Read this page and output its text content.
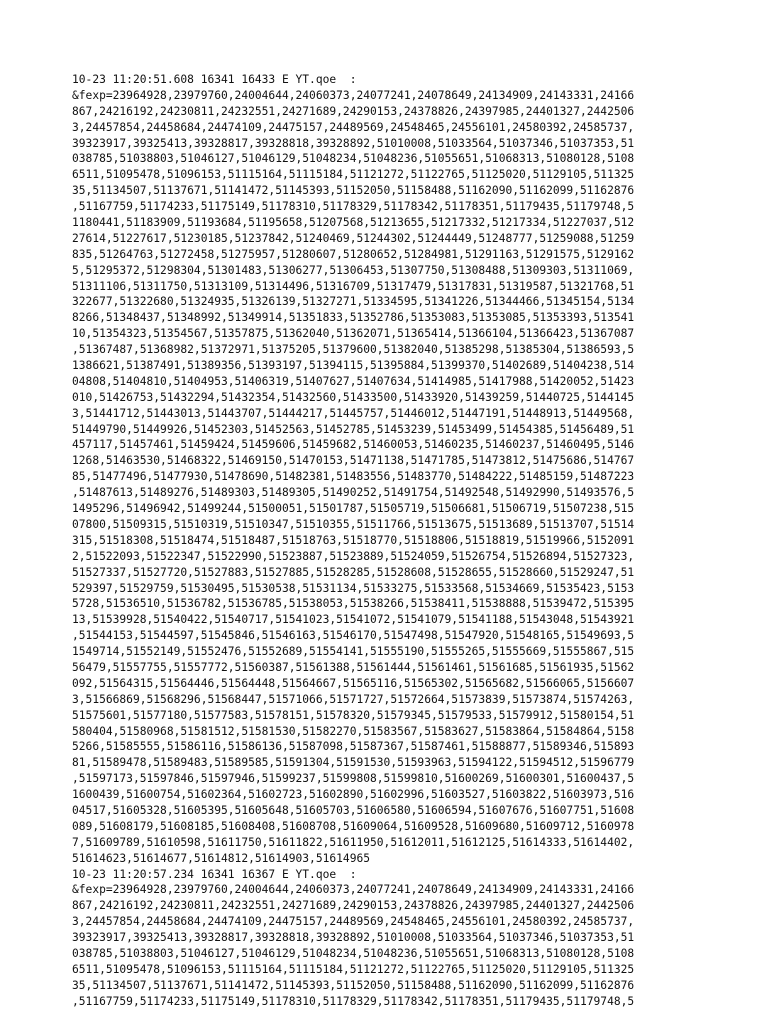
10-23 11:20:51.608 16341 16433 E YT.qoe  :
&fexp=23964928,23979760,24004644,24060373,24077241,24078649,24134909,24143331,24166
867,24216192,24230811,24232551,24271689,24290153,24378826,24397985,24401327,2442506
3,24457854,24458684,24474109,24475157,24489569,24548465,24556101,24580392,24585737,
39323917,39325413,39328817,39328818,39328892,51010008,51033564,51037346,51037353,51
038785,51038803,51046127,51046129,51048234,51048236,51055651,51068313,51080128,5108
6511,51095478,51096153,51115164,51115184,51121272,51122765,51125020,51129105,511325
35,51134507,51137671,51141472,51145393,51152050,51158488,51162090,51162099,51162876
,51167759,51174233,51175149,51178310,51178329,51178342,51178351,51179435,51179748,5
1180441,51183909,51193684,51195658,51207568,51213655,51217332,51217334,51227037,512
27614,51227617,51230185,51237842,51240469,51244302,51244449,51248777,51259088,51259
835,51264763,51272458,51275957,51280607,51280652,51284981,51291163,51291575,5129162
5,51295372,51298304,51301483,51306277,51306453,51307750,51308488,51309303,51311069,
51311106,51311750,51313109,51314496,51316709,51317479,51317831,51319587,51321768,51
322677,51322680,51324935,51326139,51327271,51334595,51341226,51344466,51345154,5134
8266,51348437,51348992,51349914,51351833,51352786,51353083,51353085,51353393,513541
10,51354323,51354567,51357875,51362040,51362071,51365414,51366104,51366423,51367087
,51367487,51368982,51372971,51375205,51379600,51382040,51385298,51385304,51386593,5
1386621,51387491,51389356,51393197,51394115,51395884,51399370,51402689,51404238,514
04808,51404810,51404953,51406319,51407627,51407634,51414985,51417988,51420052,51423
010,51426753,51432294,51432354,51432560,51433500,51433920,51439259,51440725,5144145
3,51441712,51443013,51443707,51444217,51445757,51446012,51447191,51448913,51449568,
51449790,51449926,51452303,51452563,51452785,51453239,51453499,51454385,51456489,51
457117,51457461,51459424,51459606,51459682,51460053,51460235,51460237,51460495,5146
1268,51463530,51468322,51469150,51470153,51471138,51471785,51473812,51475686,514767
85,51477496,51477930,51478690,51482381,51483556,51483770,51484222,51485159,51487223
,51487613,51489276,51489303,51489305,51490252,51491754,51492548,51492990,51493576,5
1495296,51496942,51499244,51500051,51501787,51505719,51506681,51506719,51507238,515
07800,51509315,51510319,51510347,51510355,51511766,51513675,51513689,51513707,51514
315,51518308,51518474,51518487,51518763,51518770,51518806,51518819,51519966,5152091
2,51522093,51522347,51522990,51523887,51523889,51524059,51526754,51526894,51527323,
51527337,51527720,51527883,51527885,51528285,51528608,51528655,51528660,51529247,51
529397,51529759,51530495,51530538,51531134,51533275,51533568,51534669,51535423,5153
5728,51536510,51536782,51536785,51538053,51538266,51538411,51538888,51539472,515395
13,51539928,51540422,51540717,51541023,51541072,51541079,51541188,51543048,51543921
,51544153,51544597,51545846,51546163,51546170,51547498,51547920,51548165,51549693,5
1549714,51552149,51552476,51552689,51554141,51555190,51555265,51555669,51555867,515
56479,51557755,51557772,51560387,51561388,51561444,51561461,51561685,51561935,51562
092,51564315,51564446,51564448,51564667,51565116,51565302,51565682,51566065,5156607
3,51566869,51568296,51568447,51571066,51571727,51572664,51573839,51573874,51574263,
51575601,51577180,51577583,51578151,51578320,51579345,51579533,51579912,51580154,51
580404,51580968,51581512,51581530,51582270,51583567,51583627,51583864,51584864,5158
5266,51585555,51586116,51586136,51587098,51587367,51587461,51588877,51589346,515893
81,51589478,51589483,51589585,51591304,51591530,51593963,51594122,51594512,51596779
,51597173,51597846,51597946,51599237,51599808,51599810,51600269,51600301,51600437,5
1600439,51600754,51602364,51602723,51602890,51602996,51603527,51603822,51603973,516
04517,51605328,51605395,51605648,51605703,51606580,51606594,51607676,51607751,51608
089,51608179,51608185,51608408,51608708,51609064,51609528,51609680,51609712,5160978
7,51609789,51610598,51611750,51611822,51611950,51612011,51612125,51614333,51614402,
51614623,51614677,51614812,51614903,51614965
10-23 11:20:57.234 16341 16367 E YT.qoe  :
&fexp=23964928,23979760,24004644,24060373,24077241,24078649,24134909,24143331,24166
867,24216192,24230811,24232551,24271689,24290153,24378826,24397985,24401327,2442506
3,24457854,24458684,24474109,24475157,24489569,24548465,24556101,24580392,24585737,
39323917,39325413,39328817,39328818,39328892,51010008,51033564,51037346,51037353,51
038785,51038803,51046127,51046129,51048234,51048236,51055651,51068313,51080128,5108
6511,51095478,51096153,51115164,51115184,51121272,51122765,51125020,51129105,511325
35,51134507,51137671,51141472,51145393,51152050,51158488,51162090,51162099,51162876
,51167759,51174233,51175149,51178310,51178329,51178342,51178351,51179435,51179748,5
